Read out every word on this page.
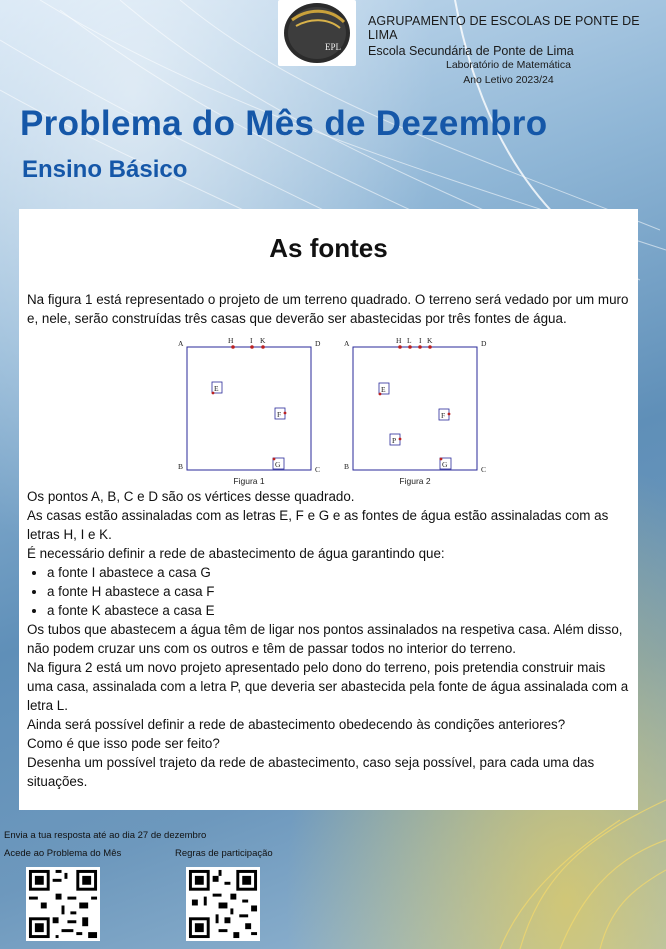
EPL
AGRUPAMENTO DE ESCOLAS DE PONTE DE LIMA
Escola Secundária de Ponte de Lima
Laboratório de Matemática
Ano Letivo 2023/24
Problema do Mês de Dezembro
Ensino Básico
As fontes

Na figura 1 está representado o projeto de um terreno quadrado. O terreno será vedado por um muro e, nele, serão construídas três casas que deverão ser abastecidas por três fontes de água.

A	D
B	C
H I K
E
F
G
Figura 1
A	D
B	C
H L I K
E
F
P
G
Figura 2

Os pontos A, B, C e D são os vértices desse quadrado.

As casas estão assinaladas com as letras E, F e G e as fontes de água estão assinaladas com as letras H, I e K.

É necessário definir a rede de abastecimento de água garantindo que:

• a fonte I abastece a casa G
• a fonte H abastece a casa F
• a fonte K abastece a casa E

Os tubos que abastecem a água têm de ligar nos pontos assinalados na respetiva casa. Além disso, não podem cruzar uns com os outros e têm de passar todos no interior do terreno.

Na figura 2 está um novo projeto apresentado pelo dono do terreno, pois pretendia construir mais uma casa, assinalada com a letra P, que deveria ser abastecida pela fonte de água assinalada com a letra L.

Ainda será possível definir a rede de abastecimento obedecendo às condições anteriores?

Como é que isso pode ser feito?

Desenha um possível trajeto da rede de abastecimento, caso seja possível, para cada uma das situações.

Envia a tua resposta até ao dia 27 de dezembro
Acede ao Problema do Mês	Regras de participação
